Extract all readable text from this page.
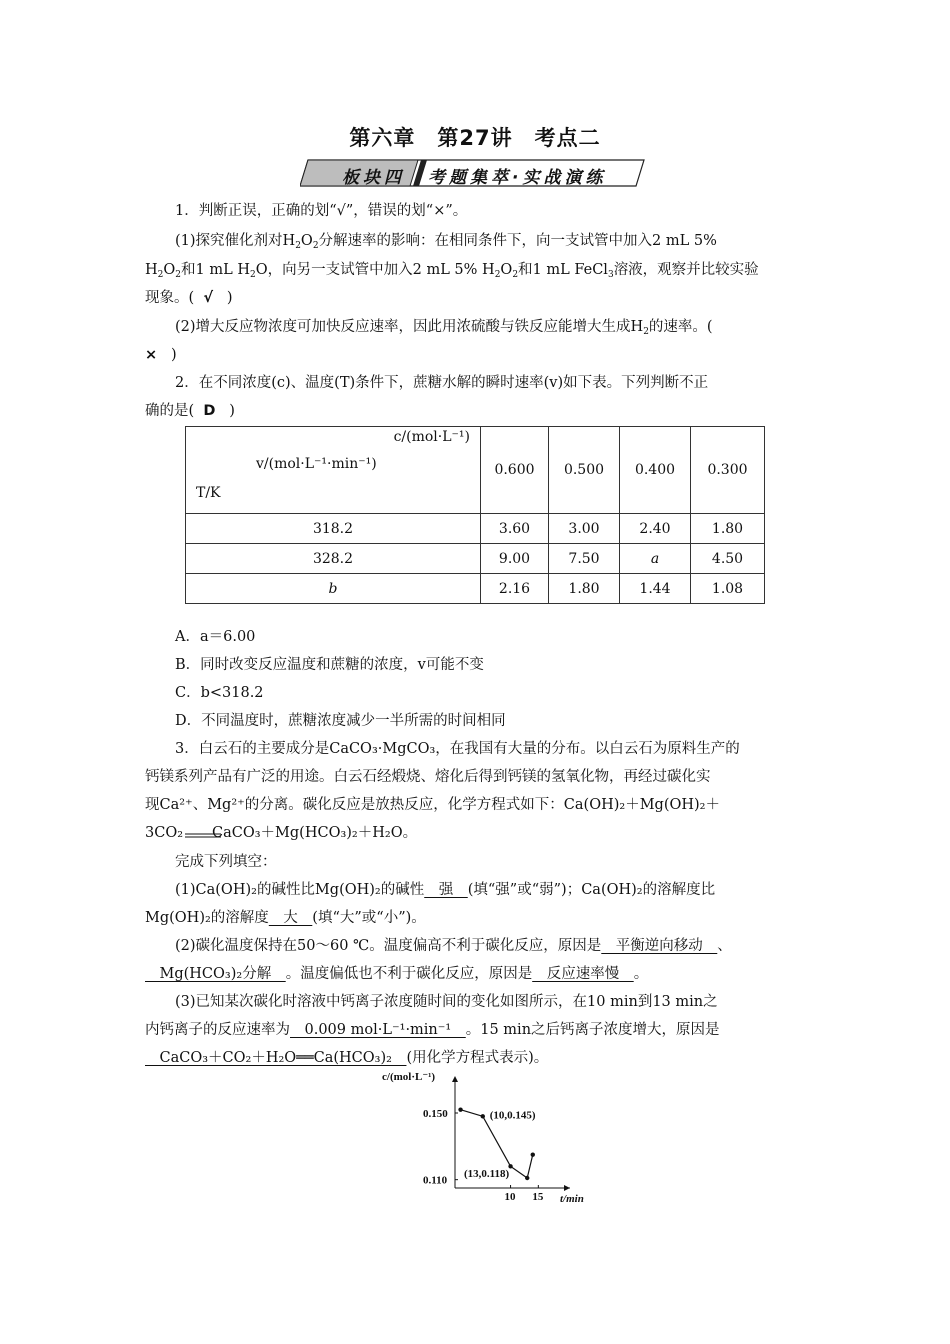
第六章　第27讲　考点二
板块四 考题集萃·实战演练
1．判断正误，正确的划“√”，错误的划“×”。
(1)探究催化剂对$H_2O_2$分解速率的影响：在相同条件下，向一支试管中加入2 mL 5%
$H_2O_2$和1 mL $H_2O$，向另一支试管中加入2 mL 5% $H_2O_2$和1 mL FeCl$_3$溶液，观察并比较实验
现象。( √ )
(2)增大反应物浓度可加快反应速率，因此用浓硫酸与铁反应能增大生成$H_2$的速率。(
× )
2．在不同浓度(c)、温度(T)条件下，蔗糖水解的瞬时速率(v)如下表。下列判断不正
确的是( D )
c/(mol·L⁻¹)
v/(mol·L⁻¹·min⁻¹)
T/K	0.600	0.500	0.400	0.300
318.2	3.60	3.00	2.40	1.80
328.2	9.00	7.50	a	4.50
b	2.16	1.80	1.44	1.08
A．a＝6.00
B．同时改变反应温度和蔗糖的浓度，v可能不变
C．b<318.2
D．不同温度时，蔗糖浓度减少一半所需的时间相同
3．白云石的主要成分是CaCO₃·MgCO₃，在我国有大量的分布。以白云石为原料生产的
钙镁系列产品有广泛的用途。白云石经煅烧、熔化后得到钙镁的氢氧化物，再经过碳化实
现Ca²⁺、Mg²⁺的分离。碳化反应是放热反应，化学方程式如下：Ca(OH)₂＋Mg(OH)₂＋
3CO₂　　CaCO₃＋Mg(HCO₃)₂＋H₂O。
完成下列填空：
(1)Ca(OH)₂的碱性比Mg(OH)₂的碱性　强　(填“强”或“弱”)；Ca(OH)₂的溶解度比
Mg(OH)₂的溶解度　大　(填“大”或“小”)。
(2)碳化温度保持在50～60 ℃。温度偏高不利于碳化反应，原因是　平衡逆向移动　、
　Mg(HCO₃)₂分解　。温度偏低也不利于碳化反应，原因是　反应速率慢　。
(3)已知某次碳化时溶液中钙离子浓度随时间的变化如图所示，在10 min到13 min之
内钙离子的反应速率为　0.009 mol·L⁻¹·min⁻¹　。15 min之后钙离子浓度增大，原因是
　CaCO₃＋CO₂＋H₂O══Ca(HCO₃)₂　(用化学方程式表示)。
c/(mol·L⁻¹)
t/min
10 15
0.150
0.110
(10,0.145)
(13,0.118)
